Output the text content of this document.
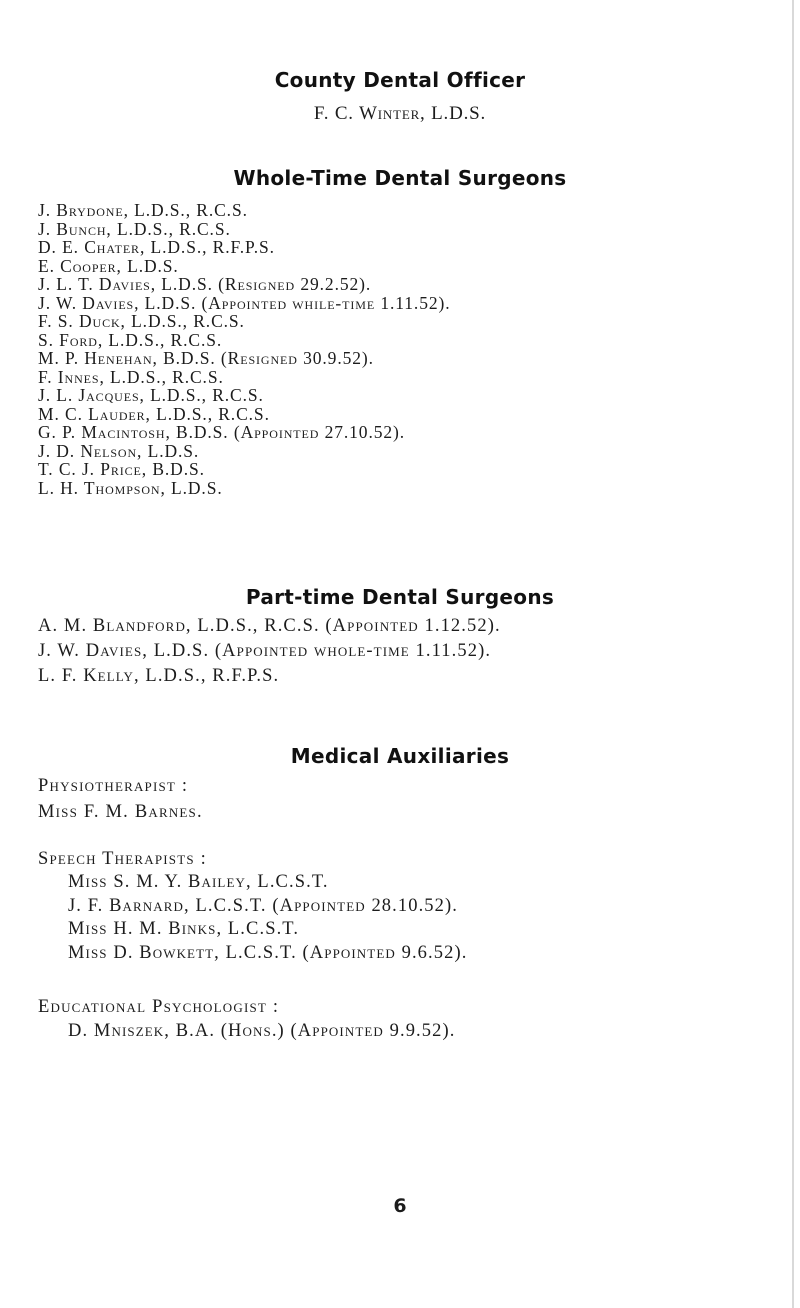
County Dental Officer
F. C. Winter, L.D.S.
Whole-Time Dental Surgeons
J. Brydone, L.D.S., R.C.S.
J. Bunch, L.D.S., R.C.S.
D. E. Chater, L.D.S., R.F.P.S.
E. Cooper, L.D.S.
J. L. T. Davies, L.D.S. (Resigned 29.2.52).
J. W. Davies, L.D.S. (Appointed while-time 1.11.52).
F. S. Duck, L.D.S., R.C.S.
S. Ford, L.D.S., R.C.S.
M. P. Henehan, B.D.S. (Resigned 30.9.52).
F. Innes, L.D.S., R.C.S.
J. L. Jacques, L.D.S., R.C.S.
M. C. Lauder, L.D.S., R.C.S.
G. P. Macintosh, B.D.S. (Appointed 27.10.52).
J. D. Nelson, L.D.S.
T. C. J. Price, B.D.S.
L. H. Thompson, L.D.S.
Part-time Dental Surgeons
A. M. Blandford, L.D.S., R.C.S. (Appointed 1.12.52).
J. W. Davies, L.D.S. (Appointed whole-time 1.11.52).
L. F. Kelly, L.D.S., R.F.P.S.
Medical Auxiliaries
Physiotherapist :
Miss F. M. Barnes.
Speech Therapists :
Miss S. M. Y. Bailey, L.C.S.T.
J. F. Barnard, L.C.S.T. (Appointed 28.10.52).
Miss H. M. Binks, L.C.S.T.
Miss D. Bowkett, L.C.S.T. (Appointed 9.6.52).
Educational Psychologist :
D. Mniszek, B.A. (Hons.) (Appointed 9.9.52).
6
